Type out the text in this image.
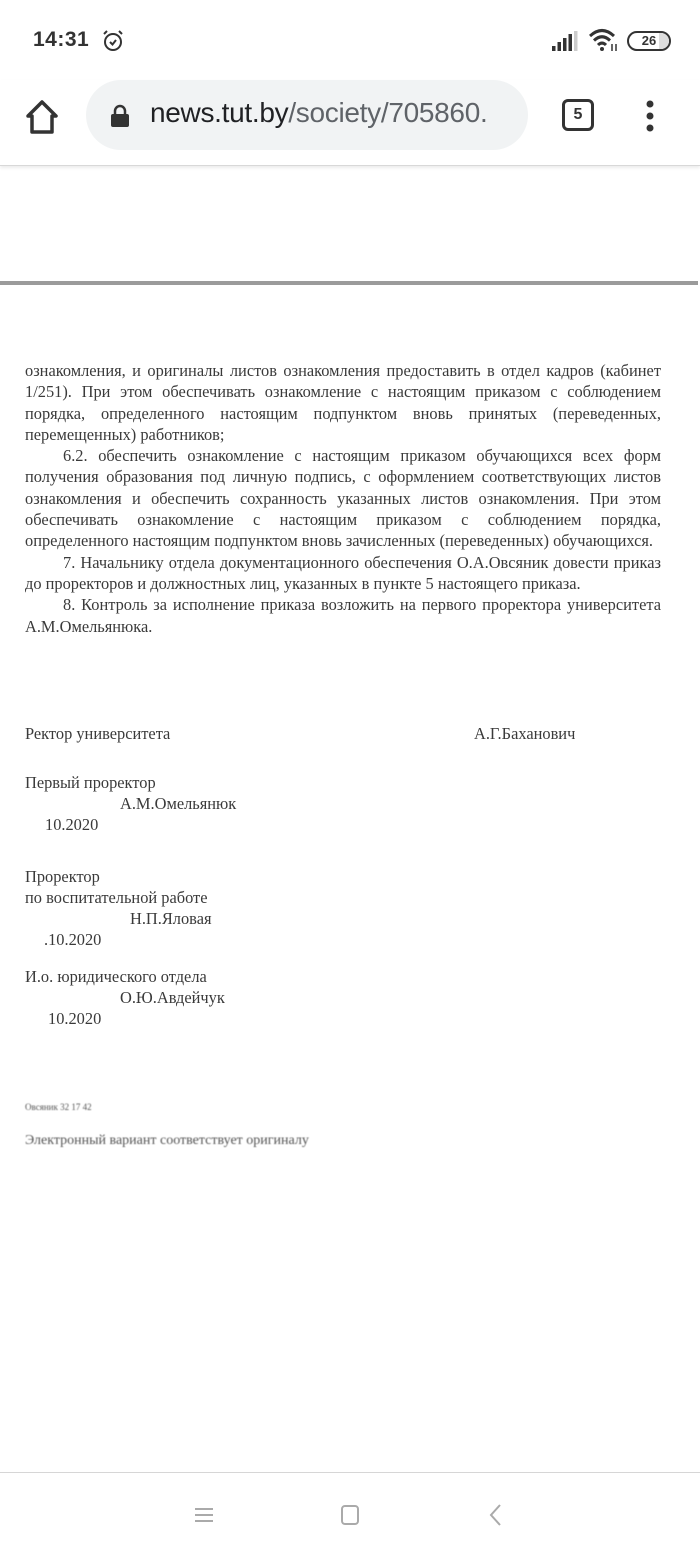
14:31	26
news.tut.by/society/705860.	5

ознакомления, и оригиналы листов ознакомления предоставить в отдел кадров (кабинет 1/251). При этом обеспечивать ознакомление с настоящим приказом с соблюдением порядка, определенного настоящим подпунктом вновь принятых (переведенных, перемещенных) работников;

6.2. обеспечить ознакомление с настоящим приказом обучающихся всех форм получения образования под личную подпись, с оформлением соответствующих листов ознакомления и обеспечить сохранность указанных листов ознакомления. При этом обеспечивать ознакомление с настоящим приказом с соблюдением порядка, определенного настоящим подпунктом вновь зачисленных (переведенных) обучающихся.

7. Начальнику отдела документационного обеспечения О.А.Овсяник довести приказ до проректоров и должностных лиц, указанных в пункте 5 настоящего приказа.

8. Контроль за исполнение приказа возложить на первого проректора университета А.М.Омельянюка.

Ректор университета	А.Г.Баханович
Первый проректор
А.М.Омельянюк
10.2020
Проректор
по воспитательной работе
Н.П.Яловая
.10.2020
И.о. юридического отдела
О.Ю.Авдейчук
10.2020
Овсяник 32 17 42
Электронный вариант соответствует оригиналу
